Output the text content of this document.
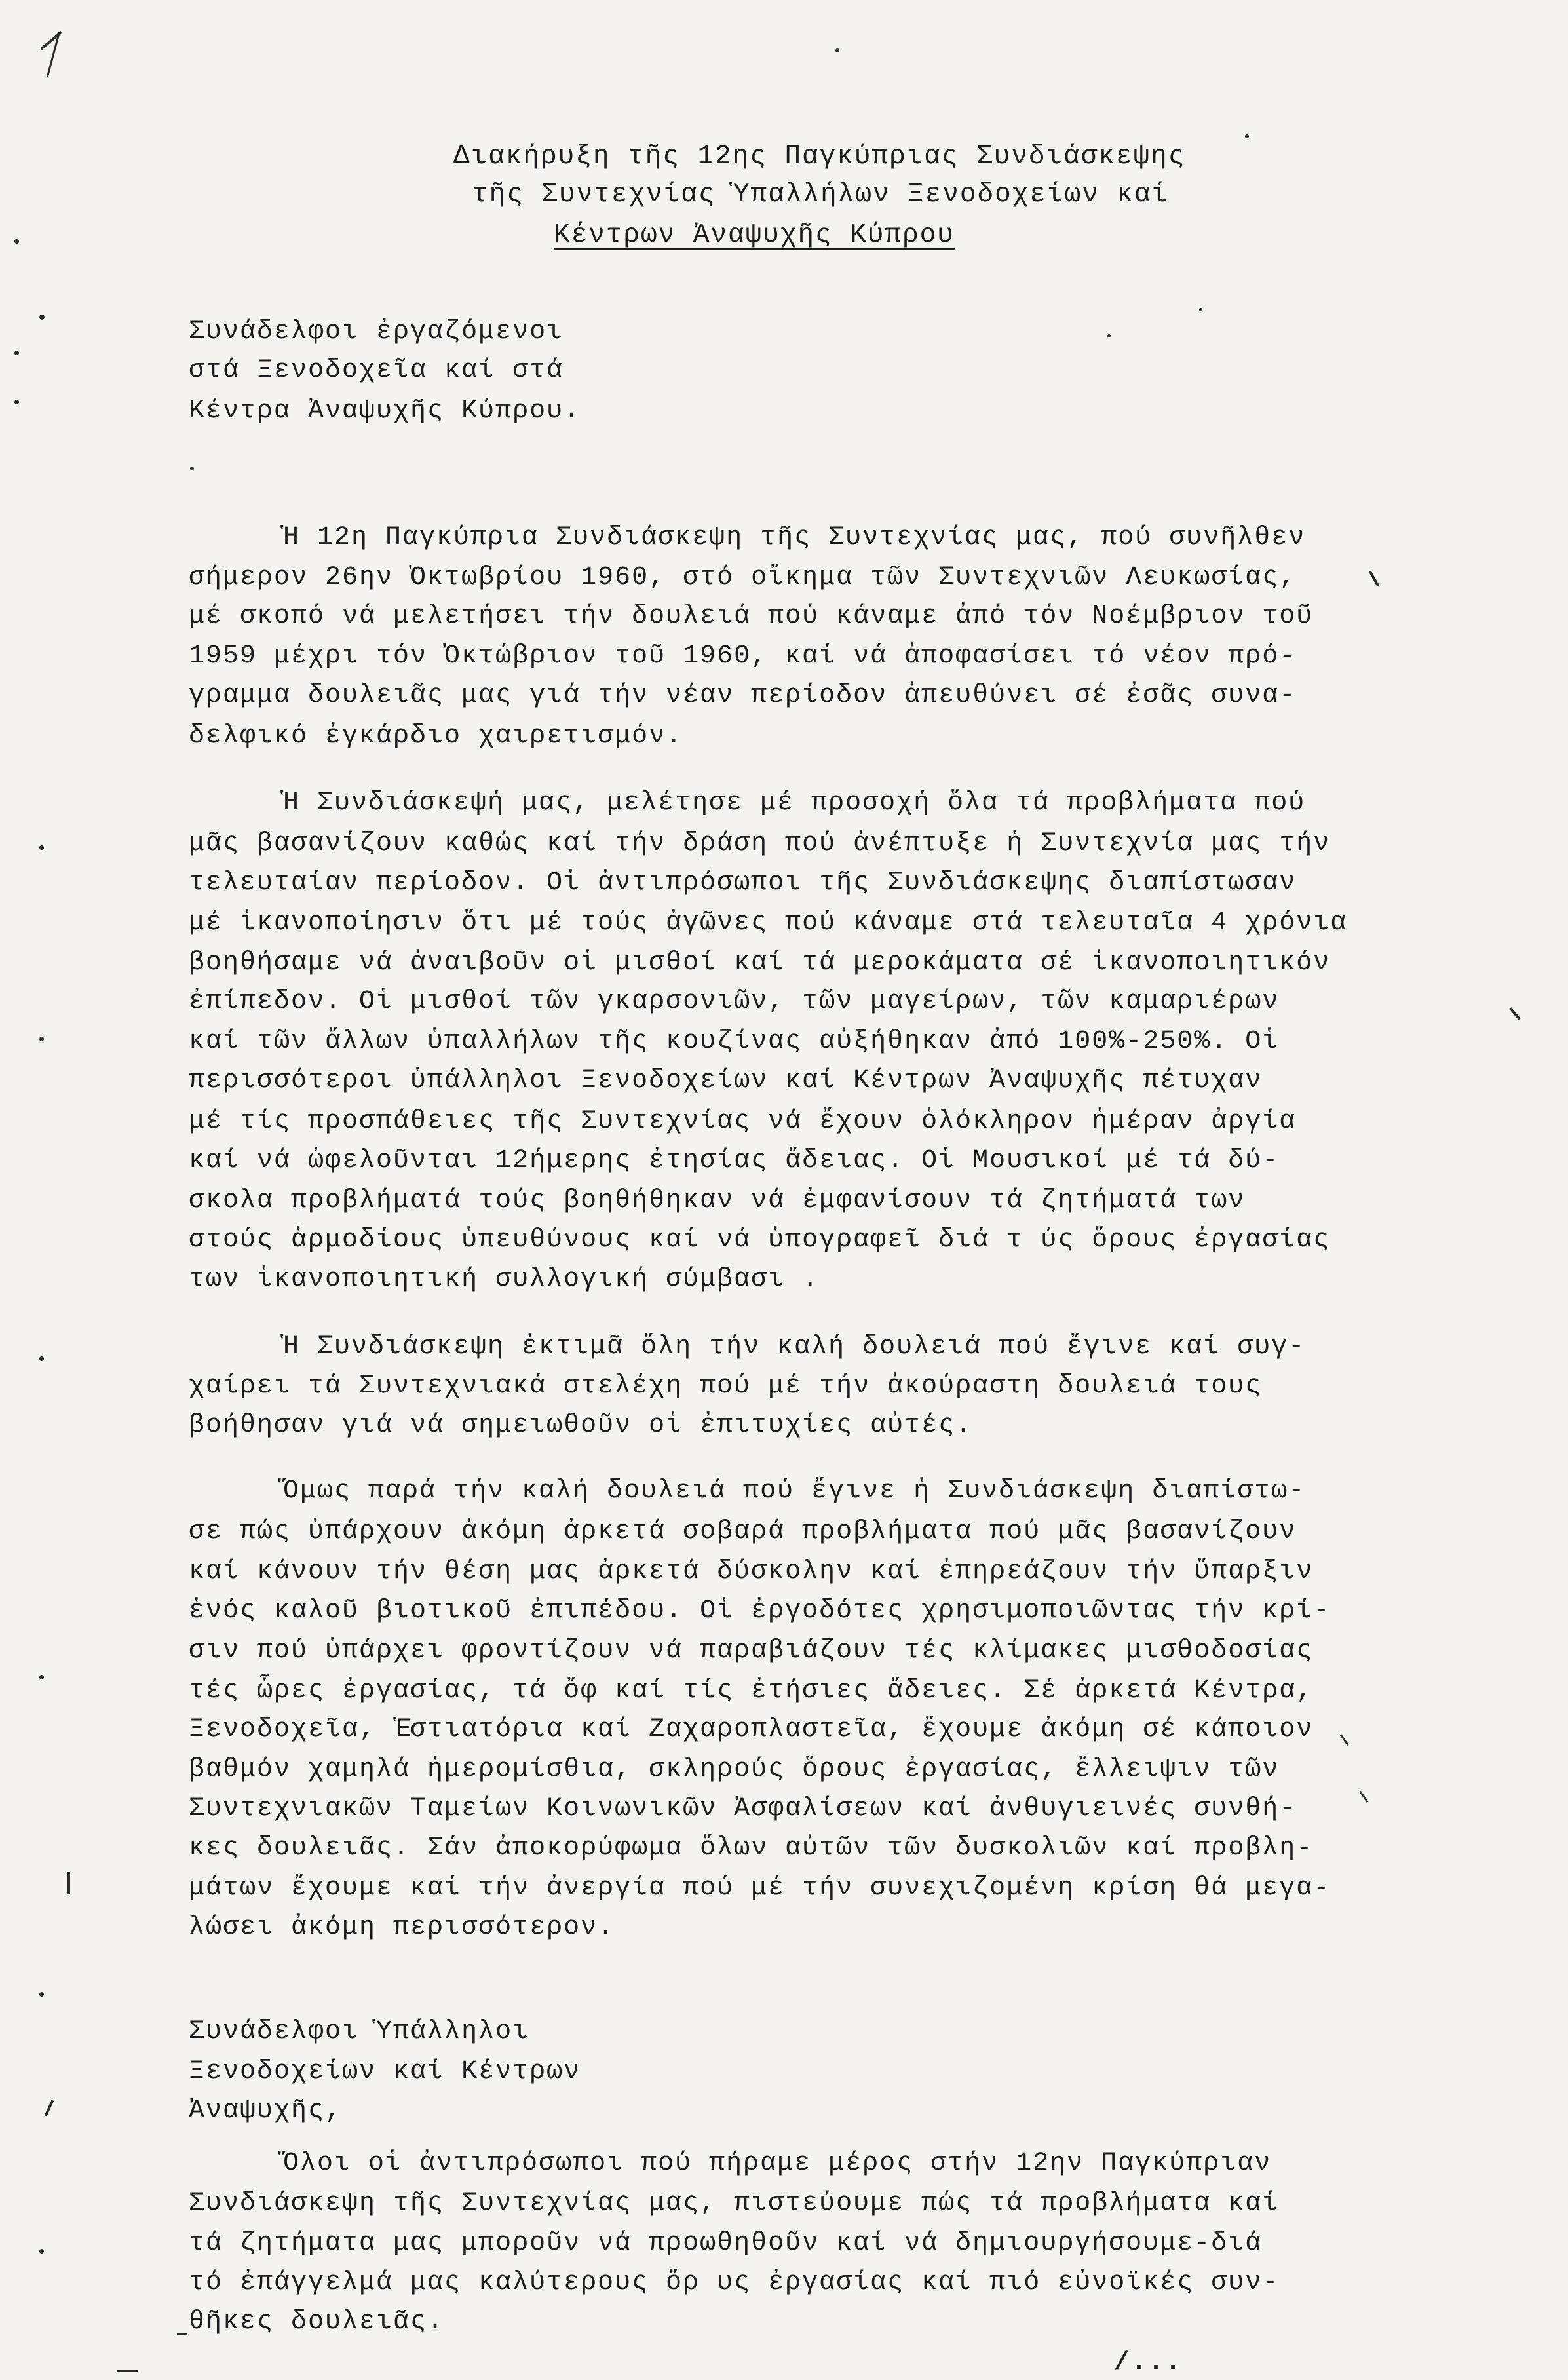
Διακήρυξη τῆς 12ης Παγκύπριας Συνδιάσκεψης
τῆς Συντεχνίας Ὑπαλλήλων Ξενοδοχείων καί
Κέντρων Ἀναψυχῆς Κύπρου
Συνάδελφοι ἐργαζόμενοι
στά Ξενοδοχεῖα καί στά
Κέντρα Ἀναψυχῆς Κύπρου.
Ἡ 12η Παγκύπρια Συνδιάσκεψη τῆς Συντεχνίας μας, πού συνῆλθεν
σήμερον 26ην Ὀκτωβρίου 1960, στό οἴκημα τῶν Συντεχνιῶν Λευκωσίας,
μέ σκοπό νά μελετήσει τήν δουλειά πού κάναμε ἀπό τόν Νοέμβριον τοῦ
1959 μέχρι τόν Ὀκτώβριον τοῦ 1960, καί νά ἀποφασίσει τό νέον πρό-
γραμμα δουλειᾶς μας γιά τήν νέαν περίοδον ἀπευθύνει σέ ἐσᾶς συνα-
δελφικό ἐγκάρδιο χαιρετισμόν.
Ἡ Συνδιάσκεψή μας, μελέτησε μέ προσοχή ὅλα τά προβλήματα πού
μᾶς βασανίζουν καθώς καί τήν δράση πού ἀνέπτυξε ἡ Συντεχνία μας τήν
τελευταίαν περίοδον. Οἱ ἀντιπρόσωποι τῆς Συνδιάσκεψης διαπίστωσαν
μέ ἱκανοποίησιν ὅτι μέ τούς ἀγῶνες πού κάναμε στά τελευταῖα 4 χρόνια
βοηθήσαμε νά ἀναιβοῦν οἱ μισθοί καί τά μεροκάματα σέ ἱκανοποιητικόν
ἐπίπεδον. Οἱ μισθοί τῶν γκαρσονιῶν, τῶν μαγείρων, τῶν καμαριέρων
καί τῶν ἄλλων ὑπαλλήλων τῆς κουζίνας αὐξήθηκαν ἀπό 100%-250%. Οἱ
περισσότεροι ὑπάλληλοι Ξενοδοχείων καί Κέντρων Ἀναψυχῆς πέτυχαν
μέ τίς προσπάθειες τῆς Συντεχνίας νά ἔχουν ὁλόκληρον ἡμέραν ἀργία
καί νά ὠφελοῦνται 12ήμερης ἐτησίας ἄδειας. Οἱ Μουσικοί μέ τά δύ-
σκολα προβλήματά τούς βοηθήθηκαν νά ἐμφανίσουν τά ζητήματά των
στούς ἁρμοδίους ὑπευθύνους καί νά ὑπογραφεῖ διά τ ύς ὅρους ἐργασίας
των ἱκανοποιητική συλλογική σύμβασι .
Ἡ Συνδιάσκεψη ἐκτιμᾶ ὅλη τήν καλή δουλειά πού ἔγινε καί συγ-
χαίρει τά Συντεχνιακά στελέχη πού μέ τήν ἀκούραστη δουλειά τους
βοήθησαν γιά νά σημειωθοῦν οἱ ἐπιτυχίες αὐτές.
Ὅμως παρά τήν καλή δουλειά πού ἔγινε ἡ Συνδιάσκεψη διαπίστω-
σε πώς ὑπάρχουν ἀκόμη ἀρκετά σοβαρά προβλήματα πού μᾶς βασανίζουν
καί κάνουν τήν θέση μας ἀρκετά δύσκολην καί ἐπηρεάζουν τήν ὕπαρξιν
ἑνός καλοῦ βιοτικοῦ ἐπιπέδου. Οἱ ἐργοδότες χρησιμοποιῶντας τήν κρί-
σιν πού ὑπάρχει φροντίζουν νά παραβιάζουν τές κλίμακες μισθοδοσίας
τές ὧρες ἐργασίας, τά ὄφ καί τίς ἐτήσιες ἄδειες. Σέ ἀρκετά Κέντρα,
Ξενοδοχεῖα, Ἑστιατόρια καί Ζαχαροπλαστεῖα, ἔχουμε ἀκόμη σέ κάποιον
βαθμόν χαμηλά ἡμερομίσθια, σκληρούς ὅρους ἐργασίας, ἔλλειψιν τῶν
Συντεχνιακῶν Ταμείων Κοινωνικῶν Ἀσφαλίσεων καί ἀνθυγιεινές συνθή-
κες δουλειᾶς. Σάν ἀποκορύφωμα ὅλων αὐτῶν τῶν δυσκολιῶν καί προβλη-
μάτων ἔχουμε καί τήν ἀνεργία πού μέ τήν συνεχιζομένη κρίση θά μεγα-
λώσει ἀκόμη περισσότερον.
Συνάδελφοι Ὑπάλληλοι
Ξενοδοχείων καί Κέντρων
Ἀναψυχῆς,
Ὅλοι οἱ ἀντιπρόσωποι πού πήραμε μέρος στήν 12ην Παγκύπριαν
Συνδιάσκεψη τῆς Συντεχνίας μας, πιστεύουμε πώς τά προβλήματα καί
τά ζητήματα μας μποροῦν νά προωθηθοῦν καί νά δημιουργήσουμε-διά
τό ἐπάγγελμά μας καλύτερους ὅρ υς ἐργασίας καί πιό εὐνοϊκές συν-
θῆκες δουλειᾶς.
/...
